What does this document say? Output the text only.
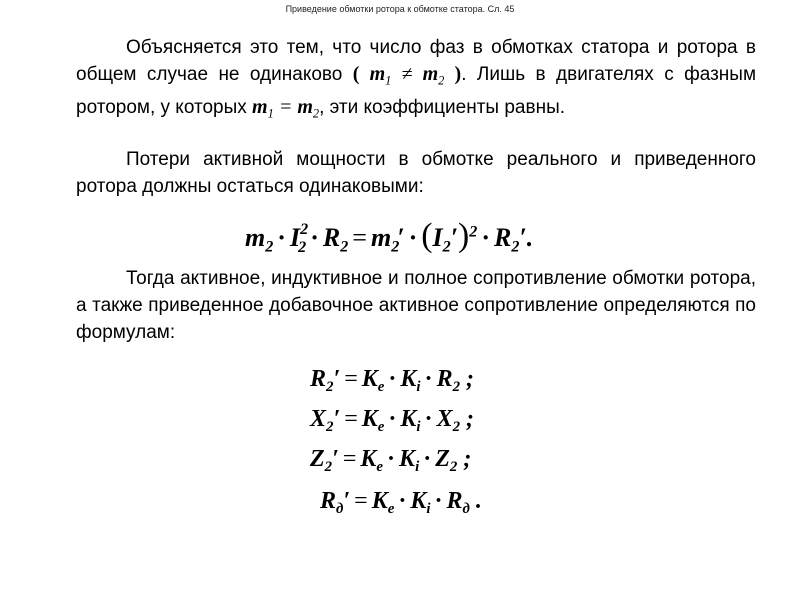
Приведение обмотки ротора к обмотке статора. Сл. 45
Объясняется это тем, что число фаз в обмотках статора и ротора в общем случае не одинаково ( $m_1 \ne m_2$ ). Лишь в двигателях с фазным ротором, у которых $m_1 = m_2$, эти коэффициенты равны.
Потери активной мощности в обмотке реального и приведенного ротора должны остаться одинаковыми:
$m_2 \cdot I^2_2 \cdot R_2 = m_2' \cdot (I_2')^2 \cdot R_2'$.
Тогда активное, индуктивное и полное сопротивление обмотки ротора, а также приведенное добавочное активное сопротивление определяются по формулам:
$R_2' = K_e \cdot K_i \cdot R_2$ ;
$X_2' = K_e \cdot K_i \cdot X_2$ ;
$Z_2' = K_e \cdot K_i \cdot Z_2$ ;
$R_д' = K_e \cdot K_i \cdot R_д$ .
